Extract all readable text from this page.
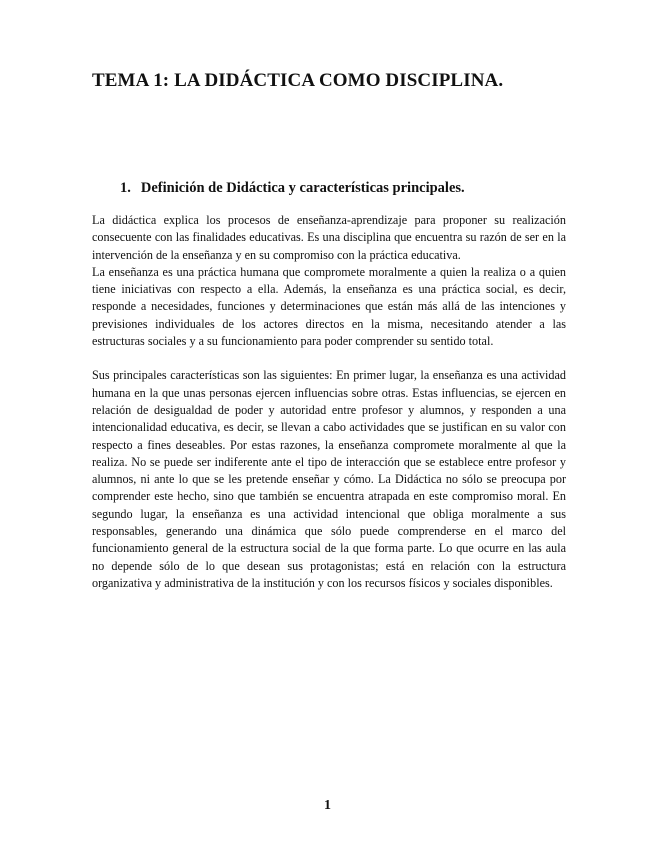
TEMA 1: LA DIDÁCTICA COMO DISCIPLINA.
1. Definición de Didáctica y características principales.

La didáctica explica los procesos de enseñanza-aprendizaje para proponer su realización consecuente con las finalidades educativas. Es una disciplina que encuentra su razón de ser en la intervención de la enseñanza y en su compromiso con la práctica educativa.

La enseñanza es una práctica humana que compromete moralmente a quien la realiza o a quien tiene iniciativas con respecto a ella. Además, la enseñanza es una práctica social, es decir, responde a necesidades, funciones y determinaciones que están más allá de las intenciones y previsiones individuales de los actores directos en la misma, necesitando atender a las estructuras sociales y a su funcionamiento para poder comprender su sentido total.

Sus principales características son las siguientes: En primer lugar, la enseñanza es una actividad humana en la que unas personas ejercen influencias sobre otras. Estas influencias, se ejercen en relación de desigualdad de poder y autoridad entre profesor y alumnos, y responden a una intencionalidad educativa, es decir, se llevan a cabo actividades que se justifican en su valor con respecto a fines deseables. Por estas razones, la enseñanza compromete moralmente al que la realiza. No se puede ser indiferente ante el tipo de interacción que se establece entre profesor y alumnos, ni ante lo que se les pretende enseñar y cómo. La Didáctica no sólo se preocupa por comprender este hecho, sino que también se encuentra atrapada en este compromiso moral. En segundo lugar, la enseñanza es una actividad intencional que obliga moralmente a sus responsables, generando una dinámica que sólo puede comprenderse en el marco del funcionamiento general de la estructura social de la que forma parte. Lo que ocurre en las aula no depende sólo de lo que desean sus protagonistas; está en relación con la estructura organizativa y administrativa de la institución y con los recursos físicos y sociales disponibles.

1
